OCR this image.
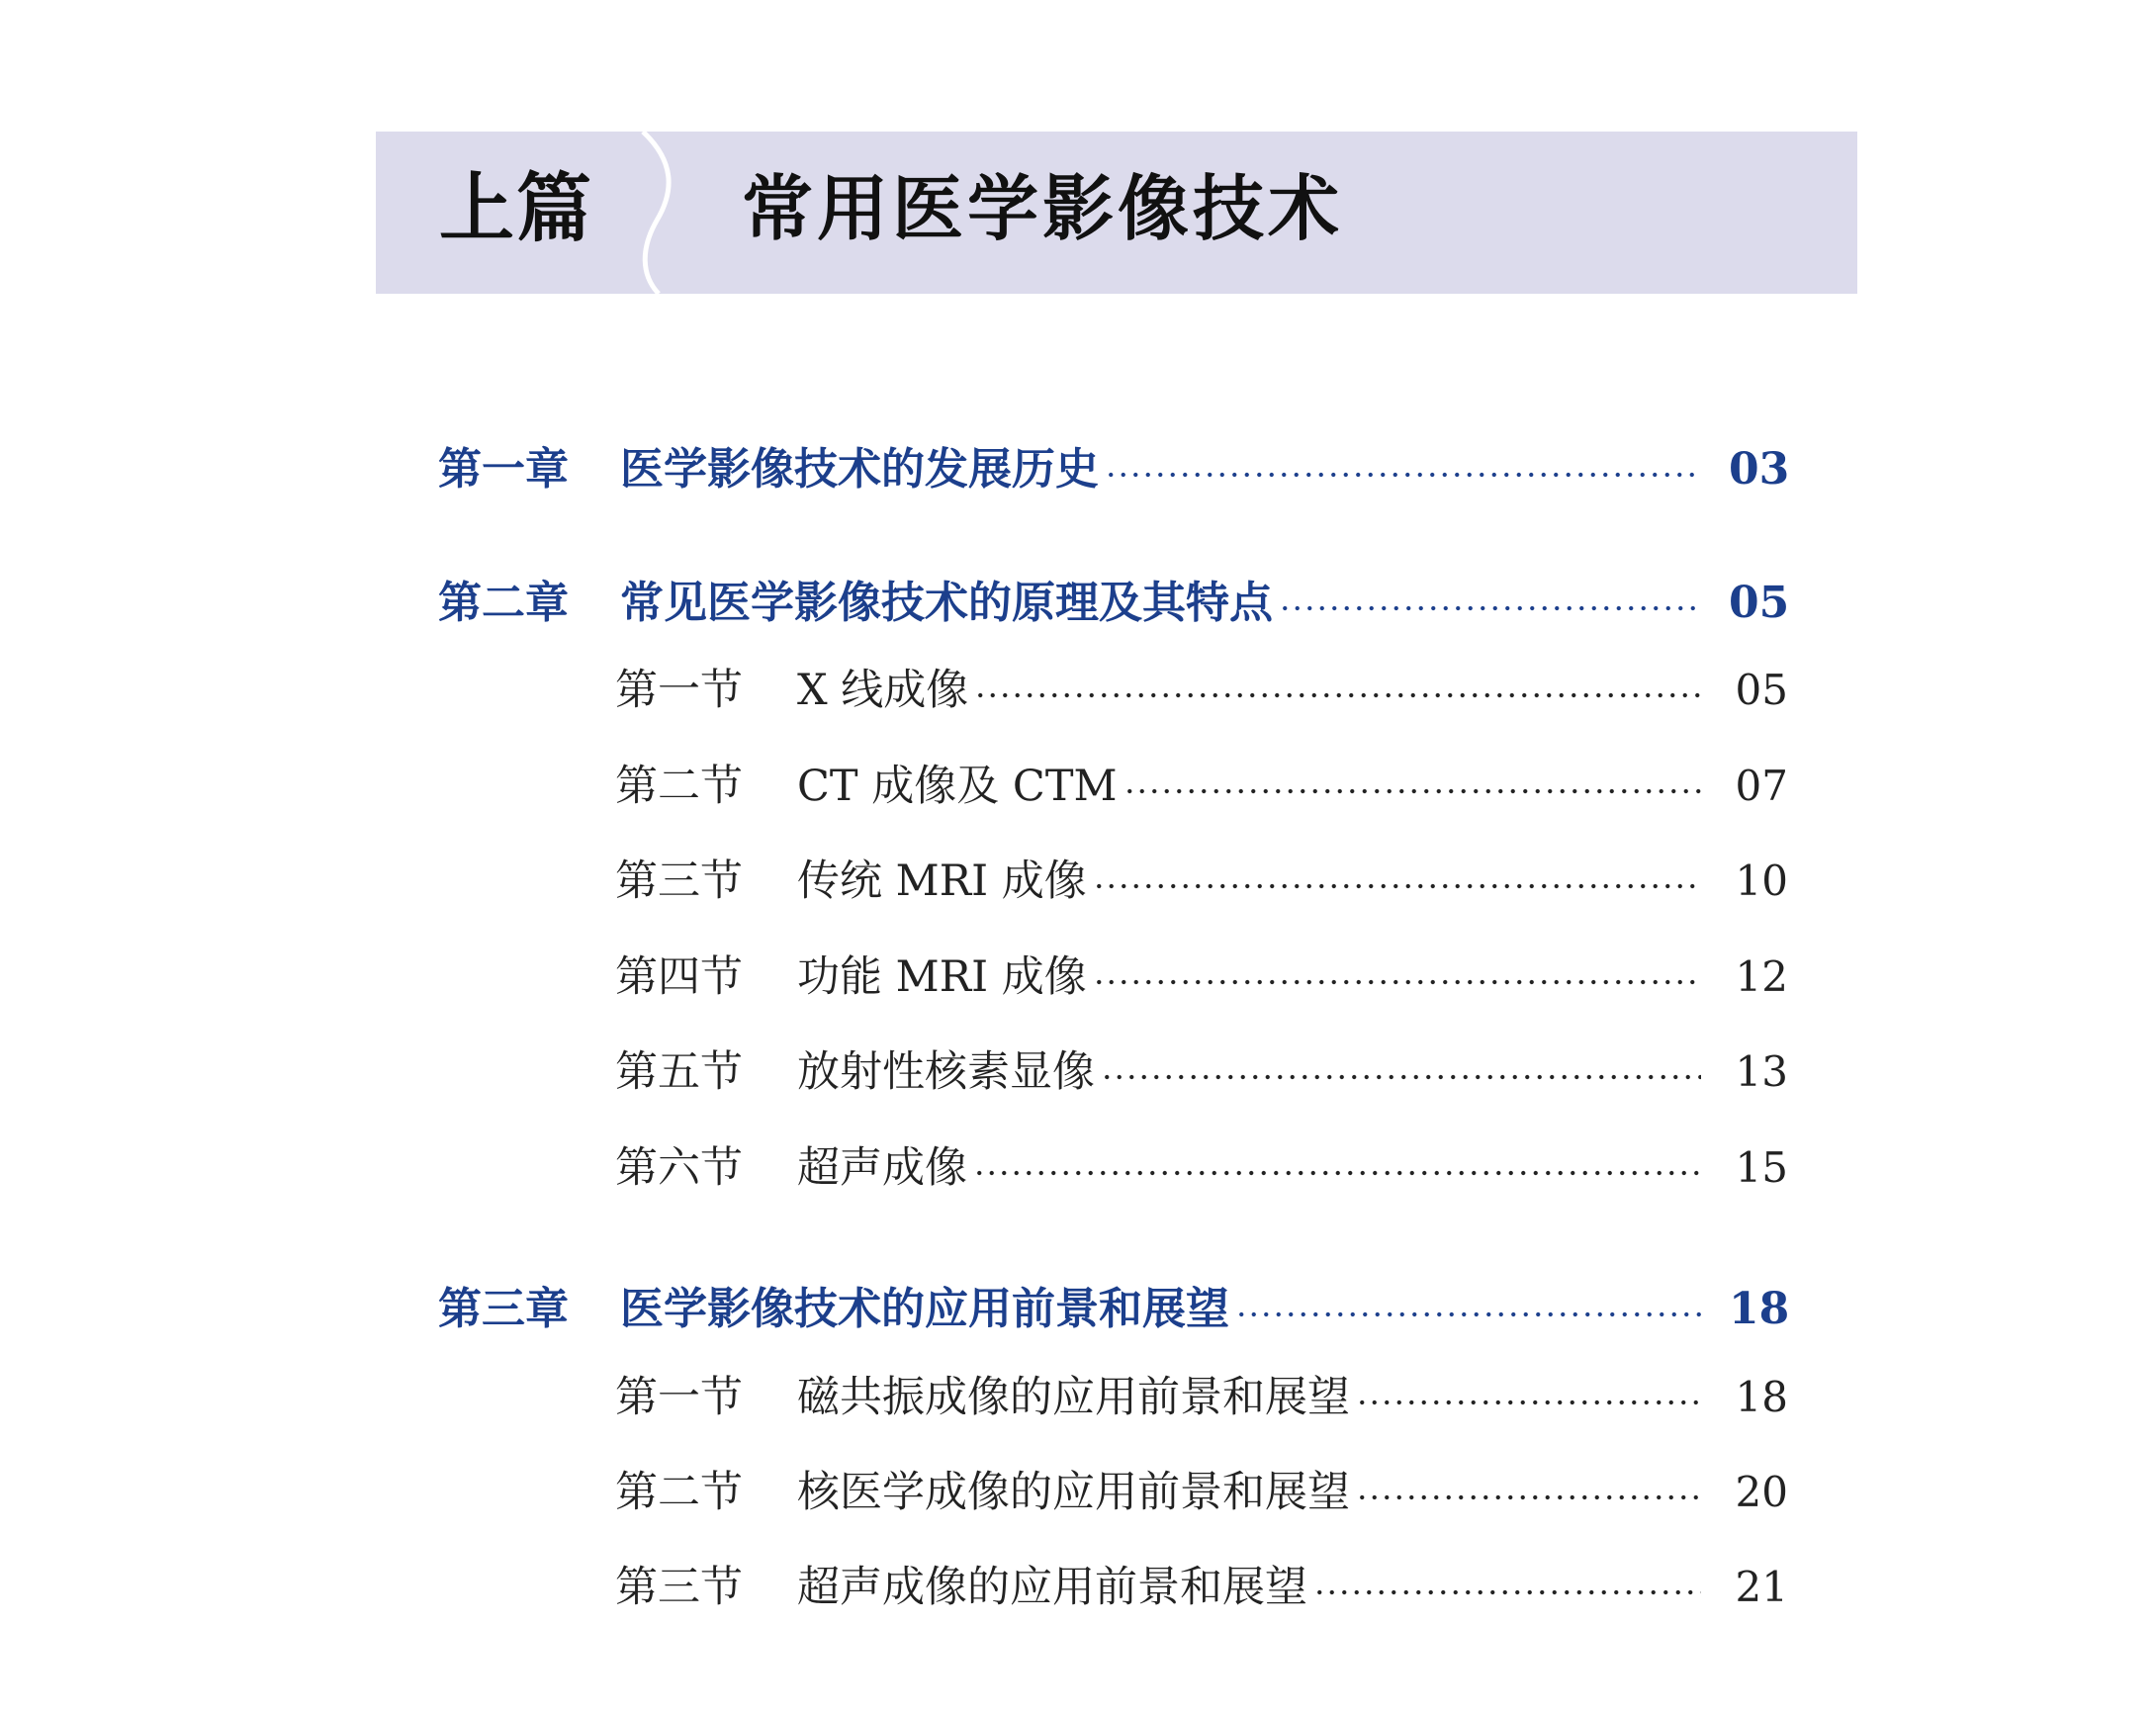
上篇 常用医学影像技术
第一章 医学影像技术的发展历史	03
第二章 常见医学影像技术的原理及其特点	05
第一节 X 线成像	05
第二节 CT 成像及 CTM	07
第三节 传统 MRI 成像	10
第四节 功能 MRI 成像	12
第五节 放射性核素显像	13
第六节 超声成像	15
第三章 医学影像技术的应用前景和展望	18
第一节 磁共振成像的应用前景和展望	18
第二节 核医学成像的应用前景和展望	20
第三节 超声成像的应用前景和展望	21
